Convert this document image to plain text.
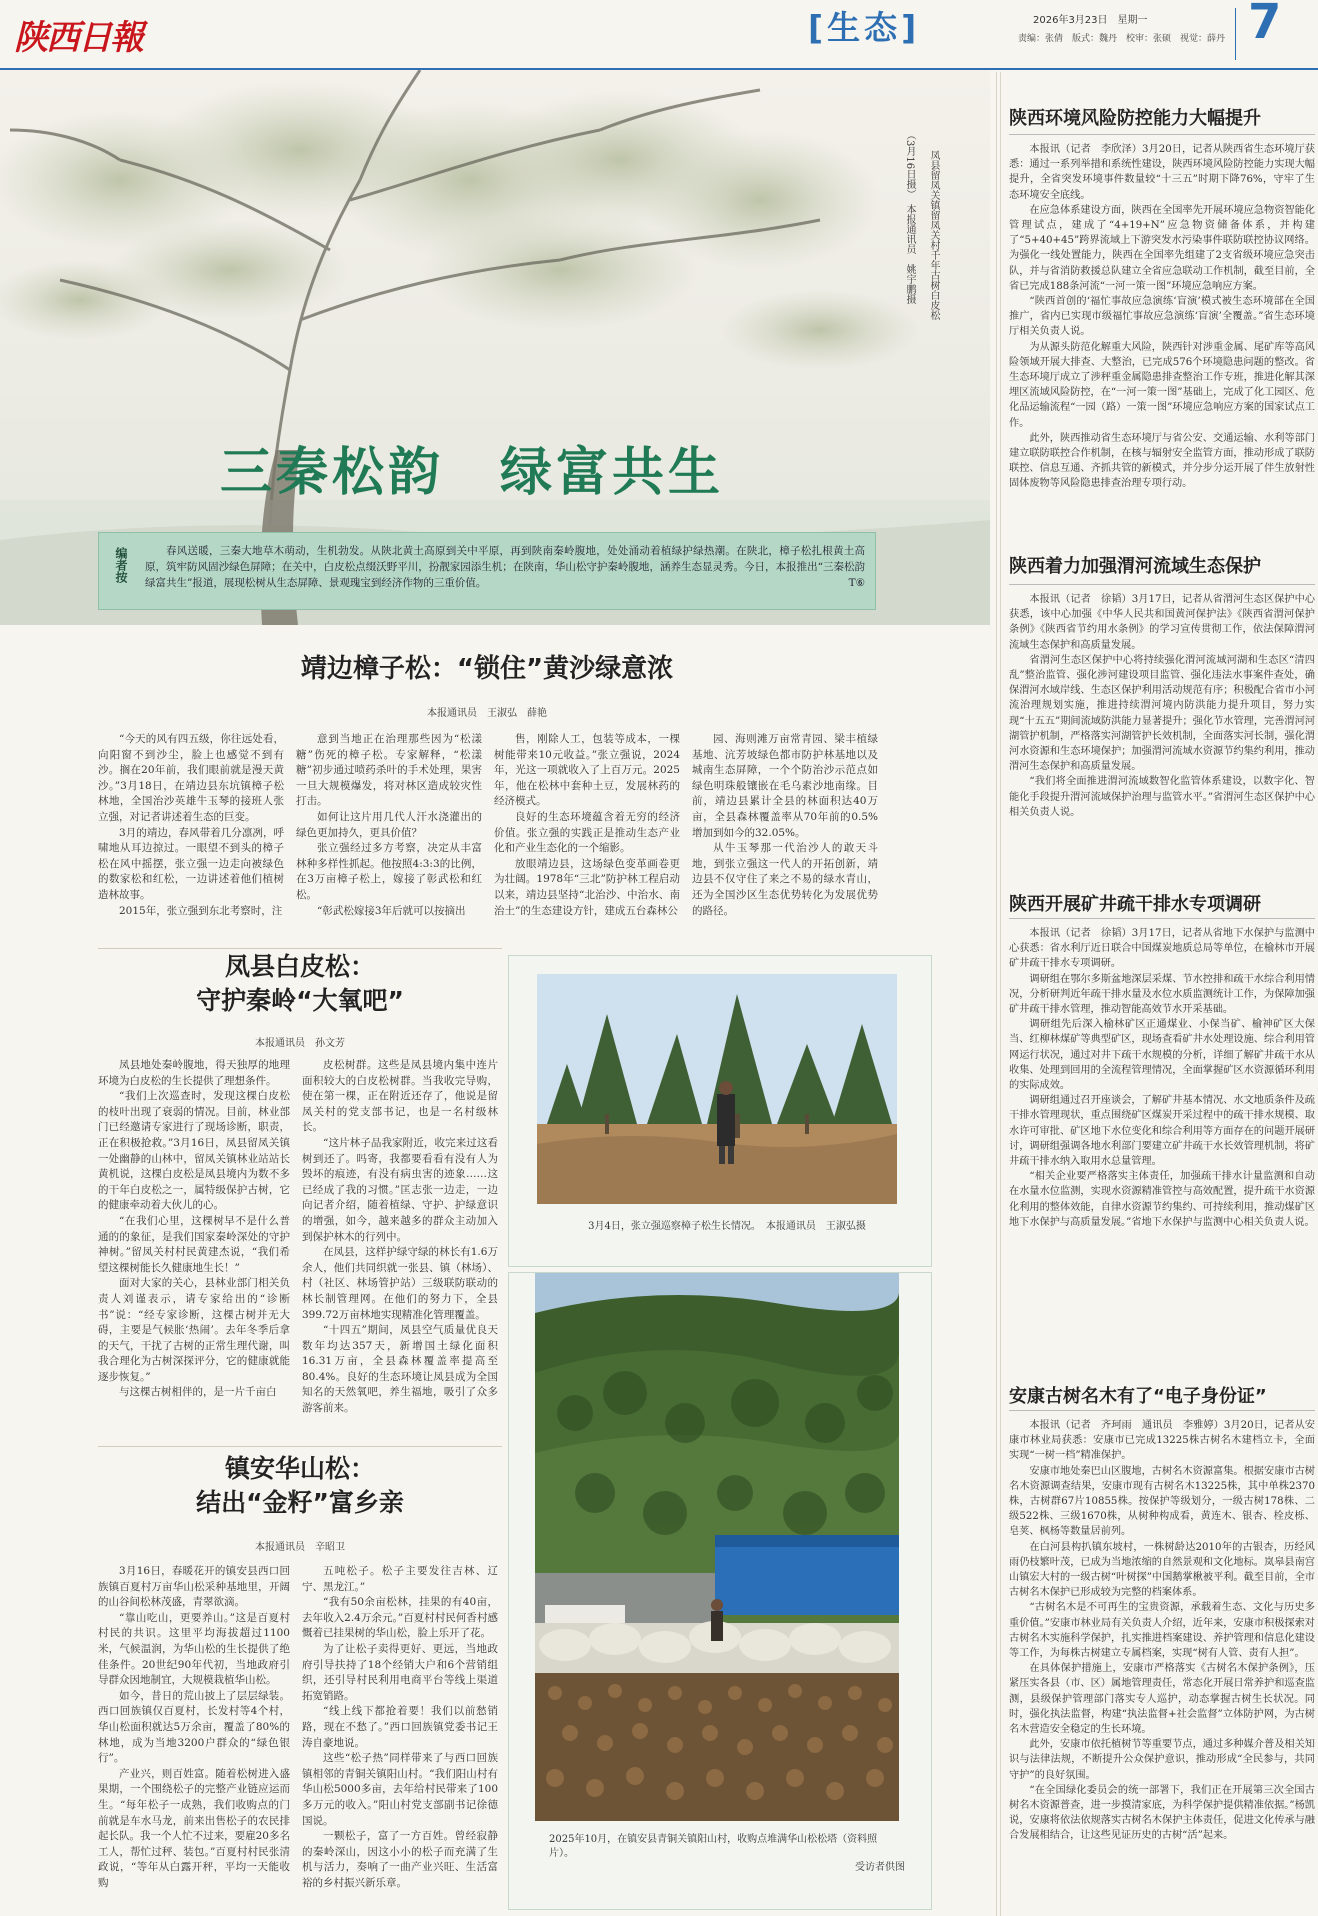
陕西日報	[生态]	2026年3月23日　星期一
责编：张倩　版式：魏丹　校审：张硕　视觉：薛丹 7
三秦松韵　绿富共生
凤县留凤关镇留凤关村千年古树白皮松
（3月16日摄）　本报通讯员　姚宇鹏摄
编者按	春风送暖，三秦大地草木萌动，生机勃发。从陕北黄土高原到关中平原，再到陕南秦岭腹地，处处涌动着植绿护绿热潮。在陕北，樟子松扎根黄土高原，筑牢防风固沙绿色屏障；在关中，白皮松点缀沃野平川，扮靓家园添生机；在陕南，华山松守护秦岭腹地，涵养生态显灵秀。今日，本报推出“三秦松韵　绿富共生”报道，展现松树从生态屏障、景观瑰宝到经济作物的三重价值。	T⑥
靖边樟子松：“锁住”黄沙绿意浓
本报通讯员　王淑弘　薛艳

“今天的风有四五级，你往远处看，向阳窗不到沙尘，脸上也感觉不到有沙。搁在20年前，我们眼前就是漫天黄沙。”3月18日，在靖边县东坑镇樟子松林地，全国治沙英雄牛玉琴的接班人张立强，对记者讲述着生态的巨变。

3月的靖边，春风带着几分凛冽，呼啸地从耳边掠过。一眼望不到头的樟子松在风中摇摆，张立强一边走向被绿色的数家松和红松，一边讲述着他们植树造林故事。

2015年，张立强到东北考察时，注

意到当地正在治理那些因为“松漾糖”伤死的樟子松。专家解释，“松漾糖”初步通过喷药杀叶的手术处理，果害一旦大规模爆发，将对林区造成较灾性打击。

如何让这片用几代人汗水浇灌出的绿色更加持久，更具价值？

张立强经过多方考察，决定从丰富林种多样性抓起。他按照4:3:3的比例，在3万亩樟子松上，嫁接了彰武松和红松。

“彰武松嫁接3年后就可以按摘出

售，刚除人工，包装等成本，一棵树能带来10元收益。”张立强说，2024年，光这一项就收入了上百万元。2025年，他在松林中套种土豆，发展林药的经济模式。

良好的生态环境蕴含着无穷的经济价值。张立强的实践正是推动生态产业化和产业生态化的一个缩影。

放眼靖边县，这场绿色变革画卷更为壮阔。1978年“三北”防护林工程启动以来，靖边县坚持“北治沙、中治水、南治土”的生态建设方针，建成五台森林公

园、海则滩万亩常青园、梁丰植绿基地、沆芳坡绿色都市防护林基地以及城南生态屏障，一个个防治沙示范点如绿色明珠般镶嵌在毛乌素沙地南缘。目前，靖边县累计全县的林面积达40万亩，全县森林覆盖率从70年前的0.5%增加到如今的32.05%。

从牛玉琴那一代治沙人的敢天斗地，到张立强这一代人的开拓创新，靖边县不仅守住了来之不易的绿水青山，还为全国沙区生态优势转化为发展优势的路径。

凤县白皮松：
守护秦岭“大氧吧”
本报通讯员　孙文芳

凤县地处秦岭腹地，得天独厚的地理环境为白皮松的生长提供了理想条件。

“我们上次巡查时，发现这棵白皮松的枝叶出现了衰弱的情况。目前，林业部门已经邀请专家进行了现场诊断，职责，正在积极抢救。”3月16日，凤县留凤关镇一处幽静的山林中，留凤关镇林业站站长黄机说，这棵白皮松是凤县境内为数不多的干年白皮松之一，属特级保护古树，它的健康牵动着大伙儿的心。

“在我们心里，这棵树早不是什么普通的的象征，是我们国家秦岭深处的守护神树。”留凤关村村民黄建杰说，“我们希望这棵树能长久健康地生长！”

面对大家的关心，县林业部门相关负责人刘谨表示，请专家给出的“诊断书”说：“经专家诊断，这棵古树并无大碍，主要是气候胀‘热闹’。去年冬季后拿的天气，干扰了古树的正常生理代谢，叫我合理化为古树深探评分，它的健康就能逐步恢复。”

与这棵古树相伴的，是一片千亩白

皮松树群。这些是凤县境内集中连片面积较大的白皮松树群。当我收完导购，使在第一棵，正在附近还存了，他说是留凤关村的党支部书记，也是一名村级林长。

“这片林子品我家附近，收完来过这看树到还了。吗寄，我都要看看有没有人为毁坏的痕迹，有没有病虫害的迹象……这已经成了我的习惯。”匡志张一边走，一边向记者介绍，随着植绿、守护、护绿意识的增强，如今，越来越多的群众主动加入到保护林木的行列中。

在凤县，这样护绿守绿的林长有1.6万余人，他们共同织就一张县、镇（林场）、村（社区、林场管护站）三级联防联动的林长制管理网。在他们的努力下，全县399.72万亩林地实现精准化管理覆盖。

“十四五”期间，凤县空气质量优良天数年均达357天，新增国土绿化面积16.31万亩，全县森林覆盖率提高至80.4%。良好的生态环境让凤县成为全国知名的天然氧吧，养生福地，吸引了众多游客前来。

镇安华山松：
结出“金籽”富乡亲
本报通讯员　辛昭卫

3月16日，春暖花开的镇安县西口回族镇百夏村万亩华山松采种基地里，开阔的山谷间松林茂盛，青翠欲滴。

“靠山吃山，更要养山。”这是百夏村村民的共识。这里平均海拔超过1100米，气候温润，为华山松的生长提供了绝佳条件。20世纪90年代初，当地政府引导群众因地制宜，大规模栽植华山松。

如今，昔日的荒山披上了层层绿装。西口回族镇仅百夏村，长发村等4个村，华山松面积就达5万余亩，覆盖了80%的林地，成为当地3200户群众的“绿色银行”。

产业兴，则百姓富。随着松树进入盛果期，一个围绕松子的完整产业链应运而生。“每年松子一成熟，我们收购点的门前就是车水马龙，前来出售松子的农民排起长队。我一个人忙不过来，要雇20多名工人，帮忙过秤、装包。”百夏村村民张清政说，“等年从白露开秤，平均一天能收购

五吨松子。松子主要发往吉林、辽宁、黑龙江。”

“我有50余亩松林，挂果的有40亩，去年收入2.4万余元。”百夏村村民何香村感慨着已挂果树的华山松，脸上乐开了花。

为了让松子卖得更好、更远，当地政府引导扶持了18个经销大户和6个营销组织，还引导村民利用电商平台等线上渠道拓宽销路。

“线上线下都抢着要！我们以前愁销路，现在不愁了。”西口回族镇党委书记王涛自豪地说。

这些“松子热”同样带来了与西口回族镇相邻的青铜关镇阳山村。“我们阳山村有华山松5000多亩，去年给村民带来了100多万元的收入。”阳山村党支部副书记徐德国说。

一颗松子，富了一方百姓。曾经寂静的秦岭深山，因这小小的松子而充满了生机与活力，奏响了一曲产业兴旺、生活富裕的乡村振兴新乐章。

3月4日，张立强巡察樟子松生长情况。　本报通讯员　王淑弘摄
2025年10月，在镇安县青铜关镇阳山村，收购点堆满华山松松塔（资料照片）。
受访者供图
陕西环境风险防控能力大幅提升

本报讯（记者　李欣泽）3月20日，记者从陕西省生态环境厅获悉：通过一系列举措和系统性建设，陕西环境风险防控能力实现大幅提升，全省突发环境事件数量较“十三五”时期下降76%，守牢了生态环境安全底线。

在应急体系建设方面，陕西在全国率先开展环境应急物资智能化管理试点，建成了“4+19+N”应急物资储备体系，并构建了“5+40+45”跨界流域上下游突发水污染事件联防联控协议网络。为强化一线处置能力，陕西在全国率先组建了2支省级环境应急突击队，并与省消防救援总队建立全省应急联动工作机制，截至目前，全省已完成188条河流“一河一策一图”环境应急响应方案。

“陕西首创的‘福忙事故应急演练‘盲演’模式被生态环境部在全国推广，省内已实现市级福忙事故应急演练‘盲演’全覆盖。”省生态环境厅相关负责人说。

为从源头防范化解重大风险，陕西针对涉重金属、尾矿库等高风险领域开展大排查、大整治，已完成576个环境隐患问题的整改。省生态环境厅成立了涉秤重金属隐患排查整治工作专班，推进化解其深埋区流域风险防控，在“一河一策一图”基础上，完成了化工园区、危化品运输流程“一园（路）一策一图”环境应急响应方案的国家试点工作。

此外，陕西推动省生态环境厅与省公安、交通运输、水利等部门建立联防联控合作机制，在核与辐射安全监管方面，推动形成了联防联控、信息互通、齐抓共管的新模式，并分步分运开展了伴生放射性固体废物等风险隐患排查治理专项行动。

陕西着力加强渭河流域生态保护

本报讯（记者　徐韬）3月17日，记者从省渭河生态区保护中心获悉，该中心加强《中华人民共和国黄河保护法》《陕西省渭河保护条例》《陕西省节约用水条例》的学习宣传贯彻工作，依法保障渭河流域生态保护和高质量发展。

省渭河生态区保护中心将持续强化渭河流域河湖和生态区“清四乱”整治监管、强化涉河建设项目监管、强化违法水事案件查处，确保渭河水域岸线、生态区保护利用活动规范有序；积极配合省市小河流治理规划实施，推进持续渭河境内防洪能力提升项目，努力实现“十五五”期间流域防洪能力显著提升；强化节水管理，完善渭河河湖管护机制，严格落实河湖管护长效机制，全面落实河长制，强化渭河水资源和生态环境保护；加强渭河流域水资源节约集约利用，推动渭河生态保护和高质量发展。

“我们将全面推进渭河流域数智化监管体系建设，以数字化、智能化手段提升渭河流域保护治理与监管水平。”省渭河生态区保护中心相关负责人说。

陕西开展矿井疏干排水专项调研

本报讯（记者　徐韬）3月17日，记者从省地下水保护与监测中心获悉：省水利厅近日联合中国煤炭地质总局等单位，在榆林市开展矿井疏干排水专项调研。

调研组在鄂尔多斯盆地深层采煤、节水控排和疏干水综合利用情况，分析研判近年疏干排水量及水位水质监测统计工作，为保障加强矿井疏干排水管理，推动智能高效节水开采基础。

调研组先后深入榆林矿区正通煤业、小保当矿、榆神矿区大保当、红柳林煤矿等典型矿区，现场查看矿井水处理设施、综合利用管网运行状况，通过对井下疏干水规模的分析，详细了解矿井疏干水从收集、处理到回用的全流程管理情况，全面掌握矿区水资源循环利用的实际成效。

调研组通过召开座谈会，了解矿井基本情况、水文地质条件及疏干排水管理现状，重点围绕矿区煤炭开采过程中的疏干排水规模、取水许可审批、矿区地下水位变化和综合利用等方面存在的问题开展研讨，调研组强调各地水利部门要建立矿井疏干水长效管理机制，将矿井疏干排水纳入取用水总量管理。

“相关企业要严格落实主体责任，加强疏干排水计量监测和自动在水量水位监测，实现水资源精准管控与高效配置，提升疏干水资源化利用的整体效能，自律水资源节约集约、可持续利用，推动煤矿区地下水保护与高质量发展。”省地下水保护与监测中心相关负责人说。

安康古树名木有了“电子身份证”

本报讯（记者　齐珂雨　通讯员　李雅婷）3月20日，记者从安康市林业局获悉：安康市已完成13225株古树名木建档立卡，全面实现“一树一档”精准保护。

安康市地处秦巴山区腹地，古树名木资源富集。根据安康市古树名木资源调查结果，安康市现有古树名木13225株，其中单株2370株，古树群67片10855株。按保护等级划分，一级古树178株、二级522株、三级1670株，从树种构成看，黄连木、银杏、栓皮栎、皂荚、枫杨等数量居前列。

在白河县构扒镇东坡村，一株树龄达2010年的古银杏，历经风雨仍枝繁叶茂，已成为当地浓缩的自然景观和文化地标。岚皋县南宫山镇宏大村的一级古树“叶树探”中国鹅掌楸被平利。截至目前，全市古树名木保护已形成较为完整的档案体系。

“古树名木是不可再生的宝贵资源，承载着生态、文化与历史多重价值。”安康市林业局有关负责人介绍，近年来，安康市积极探索对古树名木实施科学保护，扎实推进档案建设、养护管理和信息化建设等工作，为每株古树建立专属档案，实现“树有人管、责有人担”。

在具体保护措施上，安康市严格落实《古树名木保护条例》，压紧压实各县（市、区）属地管理责任，常态化开展日常养护和巡查监测，县级保护管理部门落实专人巡护，动态掌握古树生长状况。同时，强化执法监督，构建“执法监督+社会监督”立体防护网，为古树名木营造安全稳定的生长环境。

此外，安康市依托植树节等重要节点，通过多种媒介普及相关知识与法律法规，不断提升公众保护意识，推动形成“全民参与，共同守护”的良好氛围。

“在全国绿化委员会的统一部署下，我们正在开展第三次全国古树名木资源普查，进一步摸清家底，为科学保护提供精准依据。”杨凯说，安康将依法依规落实古树名木保护主体责任，促进文化传承与融合发展相结合，让这些见证历史的古树“活”起来。
